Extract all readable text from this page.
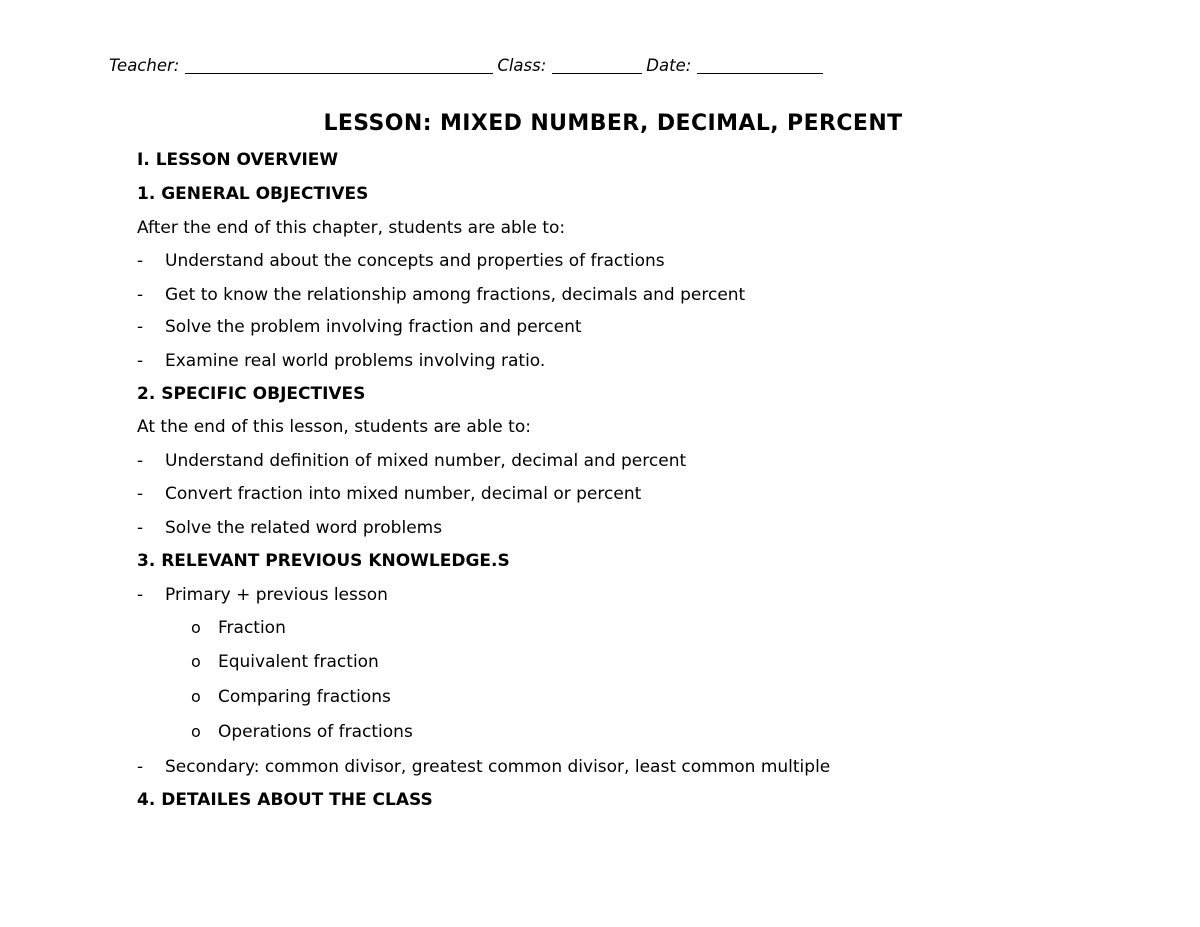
Teacher:	Class:	Date:
LESSON: MIXED NUMBER, DECIMAL, PERCENT
I. LESSON OVERVIEW
1. GENERAL OBJECTIVES
After the end of this chapter, students are able to:
- Understand about the concepts and properties of fractions
- Get to know the relationship among fractions, decimals and percent
- Solve the problem involving fraction and percent
- Examine real world problems involving ratio.
2. SPECIFIC OBJECTIVES
At the end of this lesson, students are able to:
- Understand definition of mixed number, decimal and percent
- Convert fraction into mixed number, decimal or percent
- Solve the related word problems
3. RELEVANT PREVIOUS KNOWLEDGE.S
- Primary + previous lesson
o Fraction
o Equivalent fraction
o Comparing fractions
o Operations of fractions
- Secondary: common divisor, greatest common divisor, least common multiple
4. DETAILES ABOUT THE CLASS
